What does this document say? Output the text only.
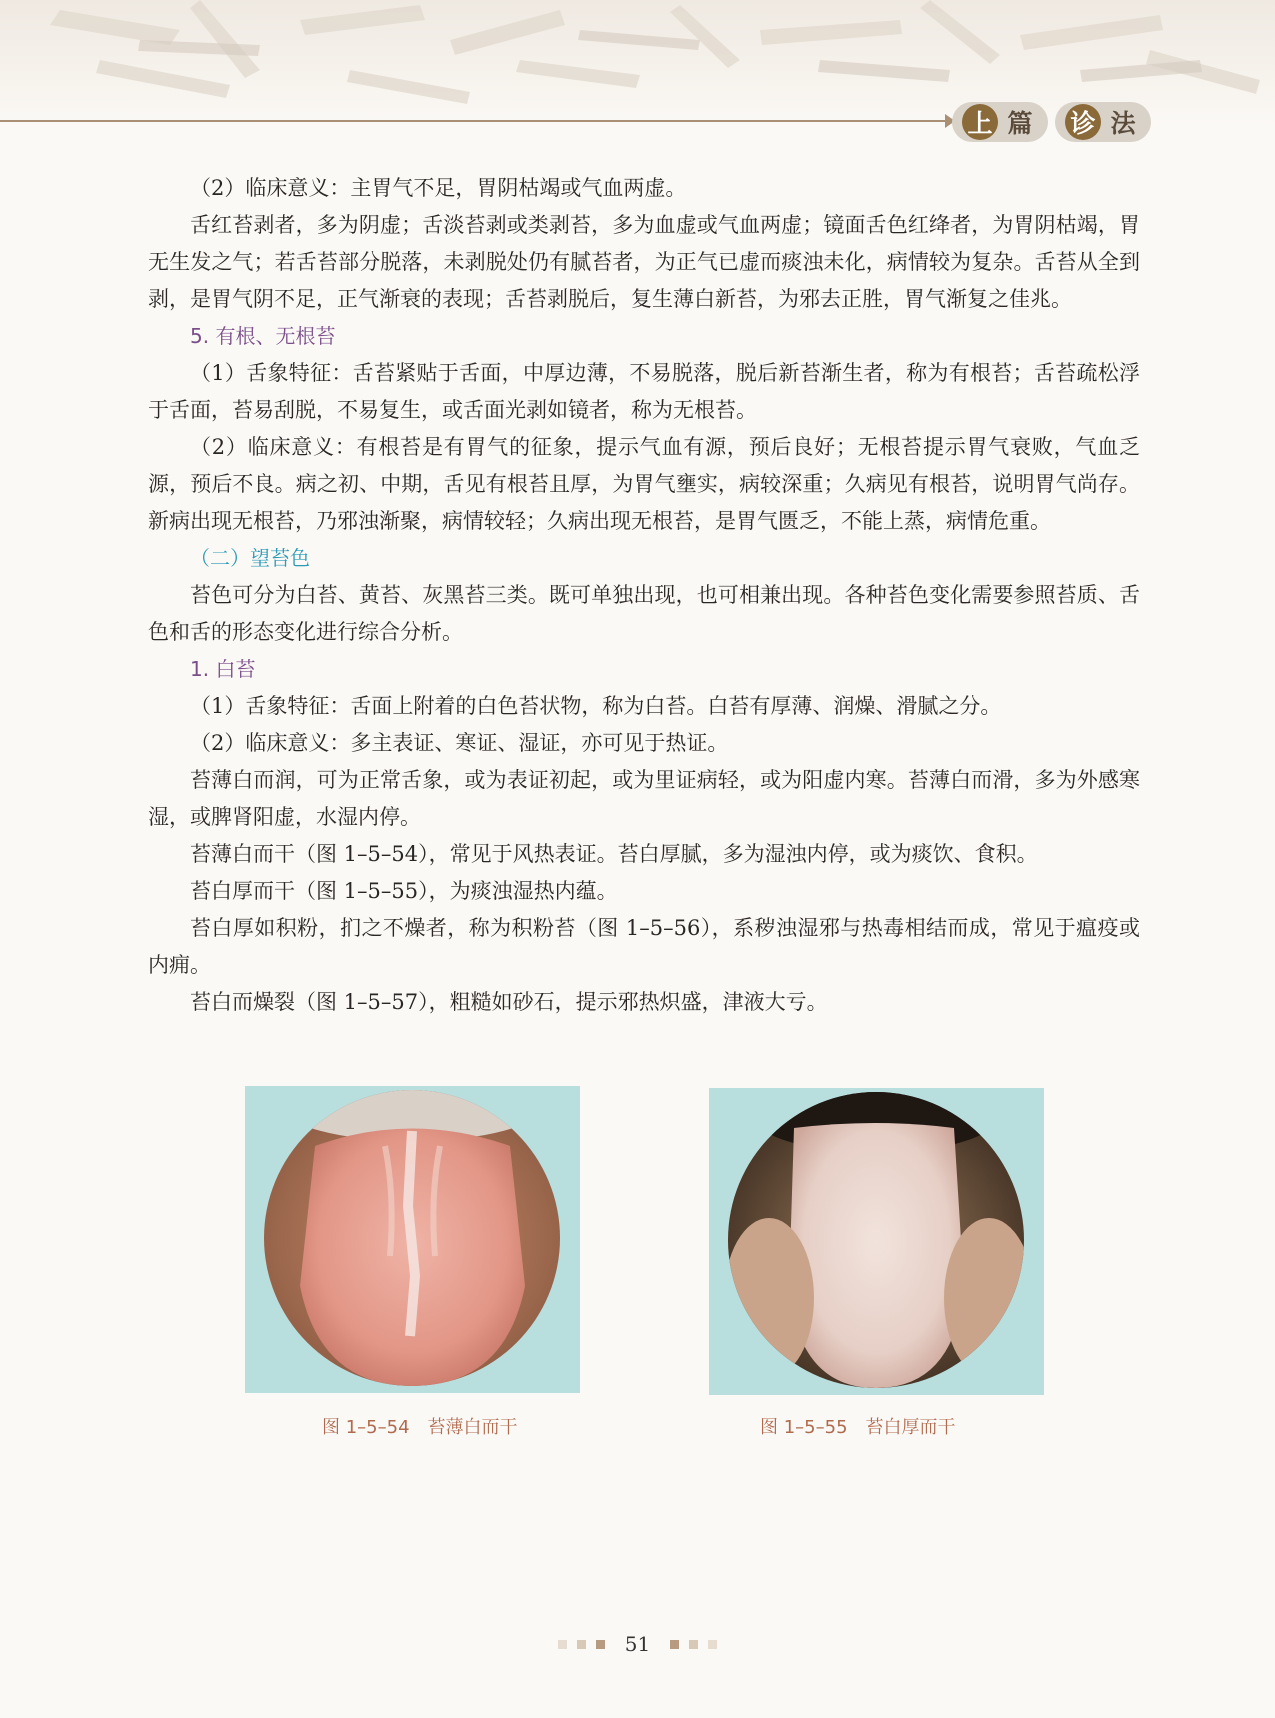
上 篇 诊 法
（2）临床意义：主胃气不足，胃阴枯竭或气血两虚。
舌红苔剥者，多为阴虚；舌淡苔剥或类剥苔，多为血虚或气血两虚；镜面舌色红绛者，为胃阴枯竭，胃无生发之气；若舌苔部分脱落，未剥脱处仍有腻苔者，为正气已虚而痰浊未化，病情较为复杂。舌苔从全到剥，是胃气阴不足，正气渐衰的表现；舌苔剥脱后，复生薄白新苔，为邪去正胜，胃气渐复之佳兆。
5. 有根、无根苔
（1）舌象特征：舌苔紧贴于舌面，中厚边薄，不易脱落，脱后新苔渐生者，称为有根苔；舌苔疏松浮于舌面，苔易刮脱，不易复生，或舌面光剥如镜者，称为无根苔。
（2）临床意义：有根苔是有胃气的征象，提示气血有源，预后良好；无根苔提示胃气衰败，气血乏源，预后不良。病之初、中期，舌见有根苔且厚，为胃气壅实，病较深重；久病见有根苔，说明胃气尚存。新病出现无根苔，乃邪浊渐聚，病情较轻；久病出现无根苔，是胃气匮乏，不能上蒸，病情危重。
（二）望苔色
苔色可分为白苔、黄苔、灰黑苔三类。既可单独出现，也可相兼出现。各种苔色变化需要参照苔质、舌色和舌的形态变化进行综合分析。
1. 白苔
（1）舌象特征：舌面上附着的白色苔状物，称为白苔。白苔有厚薄、润燥、滑腻之分。
（2）临床意义：多主表证、寒证、湿证，亦可见于热证。
苔薄白而润，可为正常舌象，或为表证初起，或为里证病轻，或为阳虚内寒。苔薄白而滑，多为外感寒湿，或脾肾阳虚，水湿内停。
苔薄白而干（图 1–5–54），常见于风热表证。苔白厚腻，多为湿浊内停，或为痰饮、食积。
苔白厚而干（图 1–5–55），为痰浊湿热内蕴。
苔白厚如积粉，扪之不燥者，称为积粉苔（图 1–5–56），系秽浊湿邪与热毒相结而成，常见于瘟疫或内痈。
苔白而燥裂（图 1–5–57），粗糙如砂石，提示邪热炽盛，津液大亏。
图 1–5–54　苔薄白而干	图 1–5–55　苔白厚而干
51
